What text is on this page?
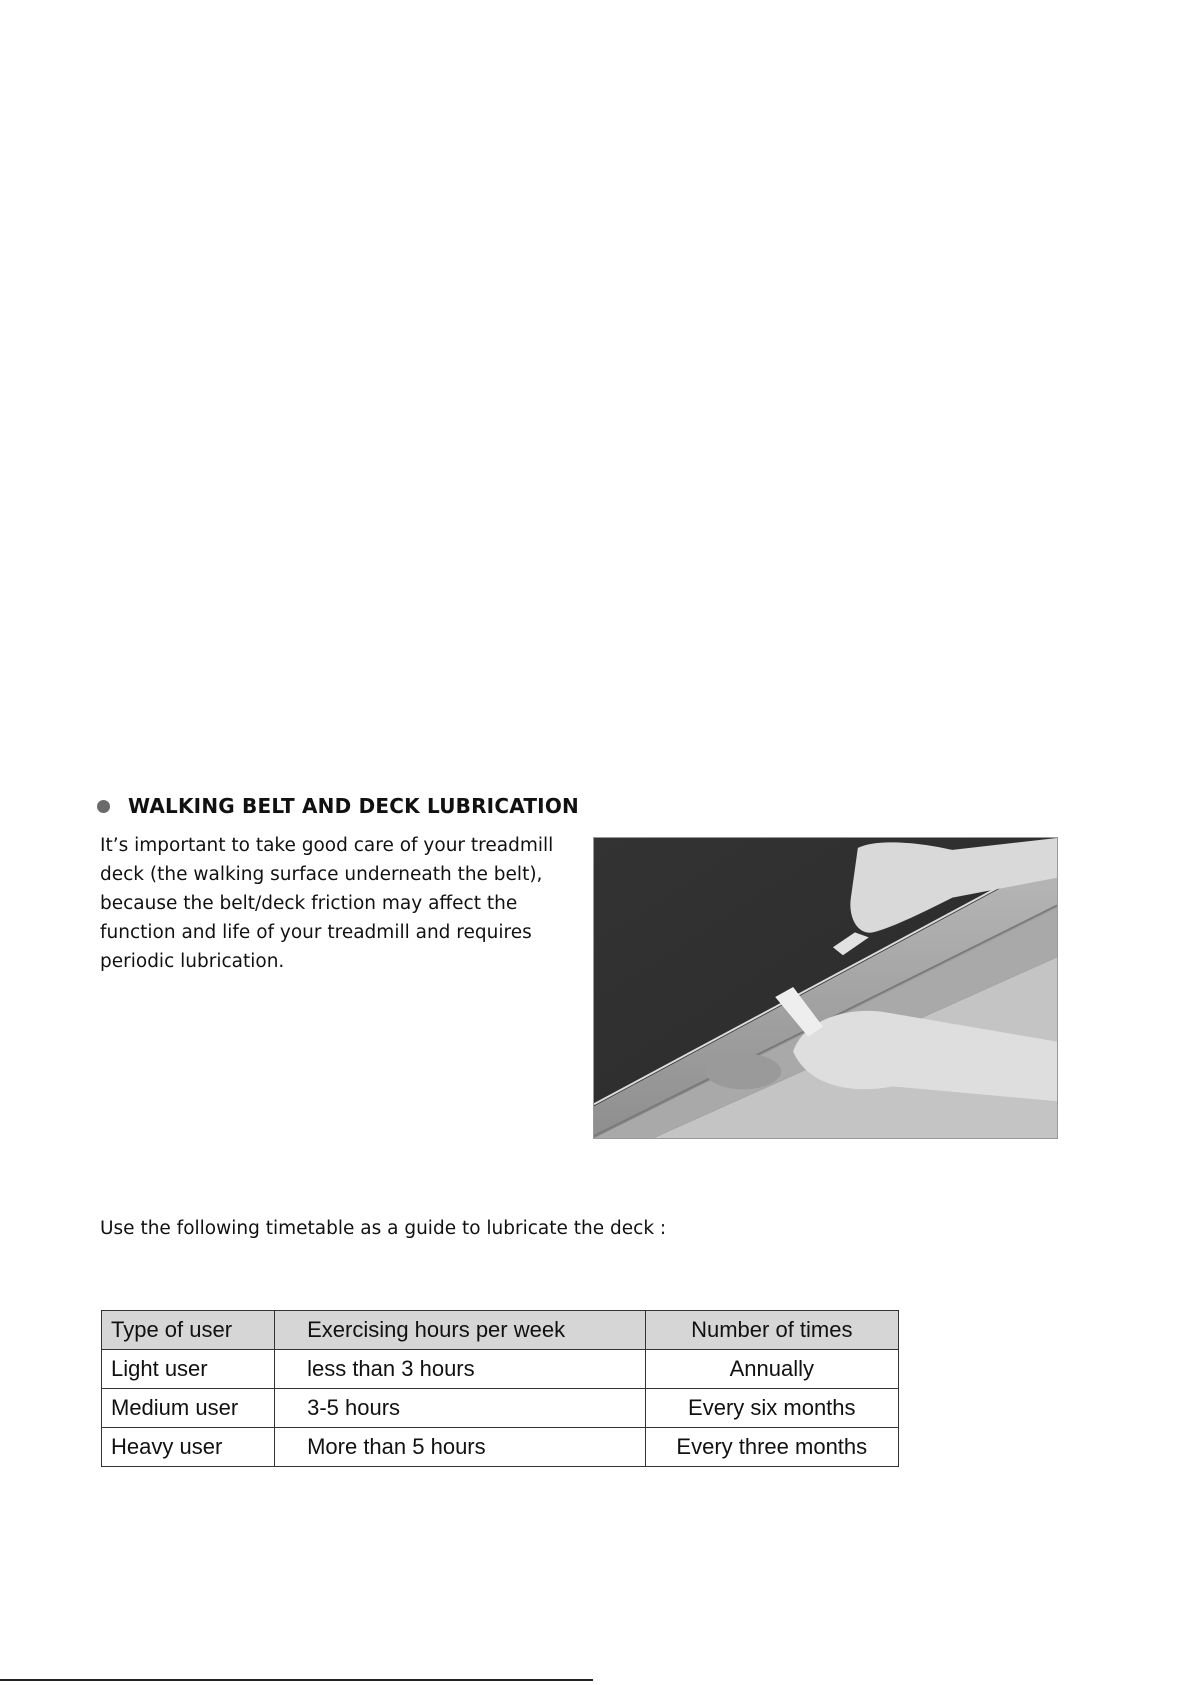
WALKING BELT AND DECK LUBRICATION

It’s important to take good care of your treadmill deck (the walking surface underneath the belt), because the belt/deck friction may affect the function and life of your treadmill and requires periodic lubrication.

Use the following timetable as a guide to lubricate the deck :

Type of user	Exercising hours per week	Number of times
Light user	less than 3 hours	Annually
Medium user	3-5 hours	Every six months
Heavy user	More than 5 hours	Every three months
